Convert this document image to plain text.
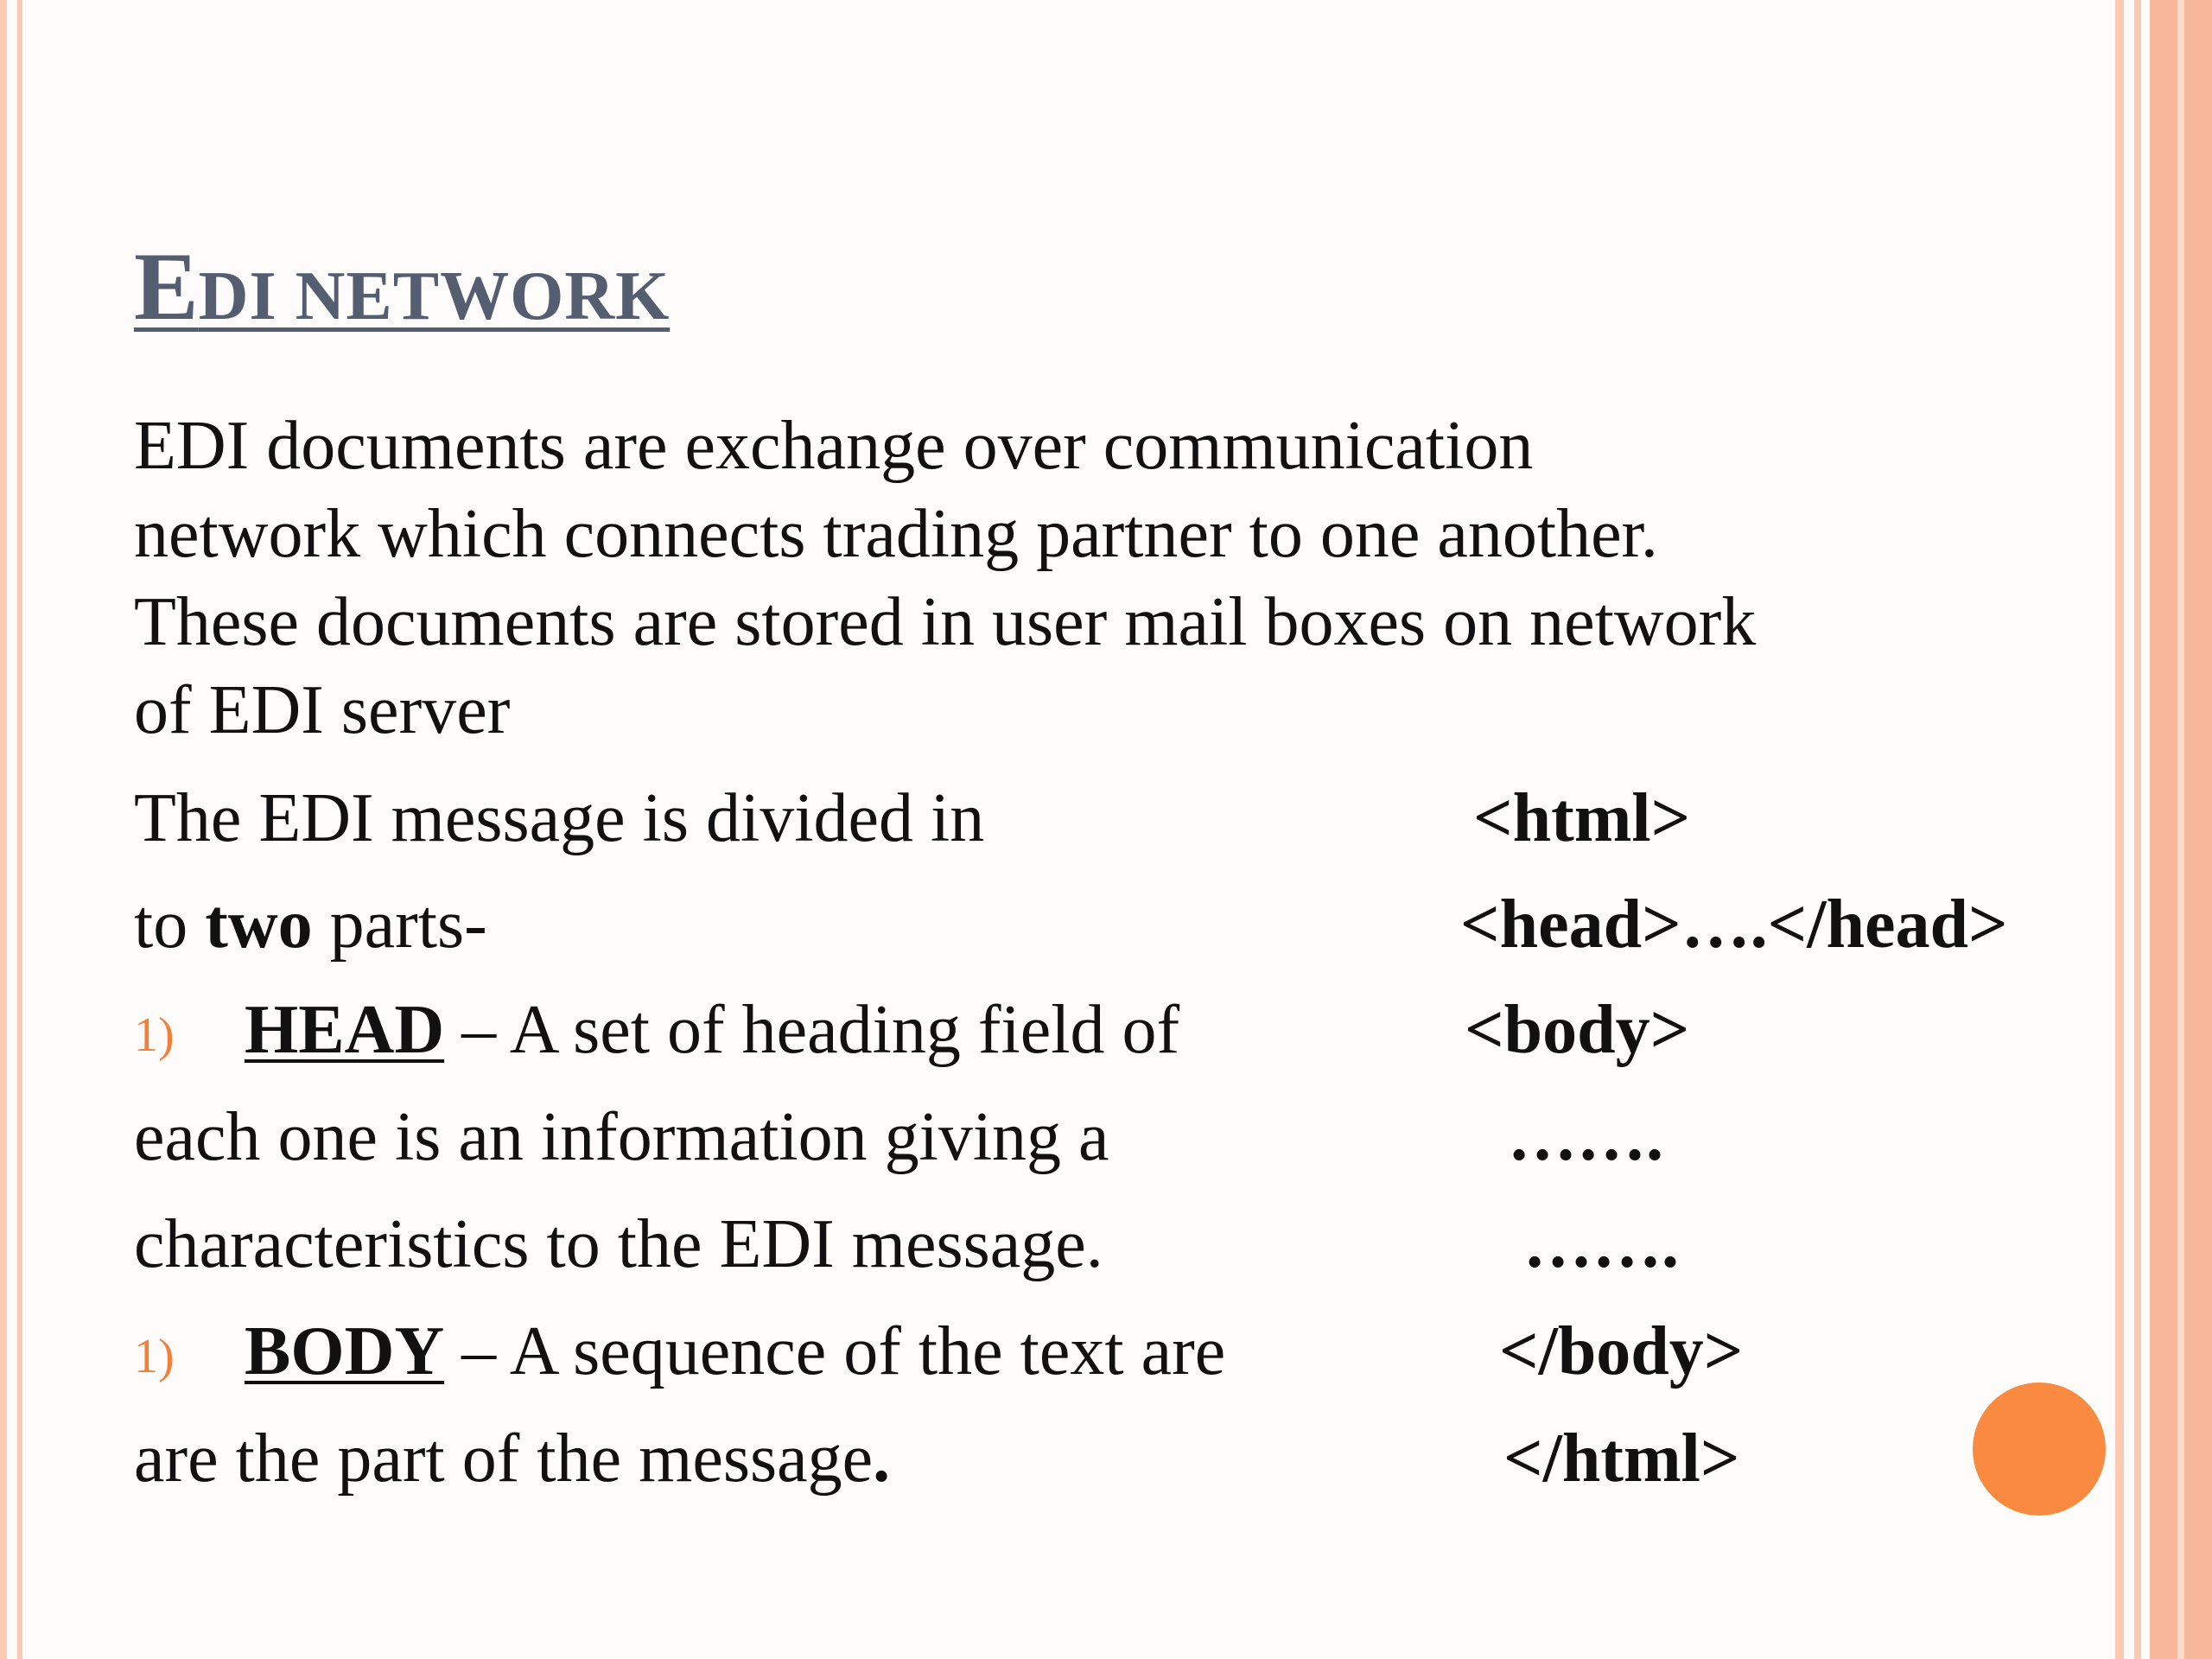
EDI NETWORK
EDI documents are exchange over communication
network which connects trading partner to one another.
These documents are stored in user mail boxes on network
of EDI server
The EDI message is divided in
to two parts-
1) HEAD – A set of heading field of
each one is an information giving a
characteristics to the EDI message.
1) BODY – A sequence of the text are
are the part of the message.
<html>
<head>….</head>
<body>
…….
…….
</body>
</html>
